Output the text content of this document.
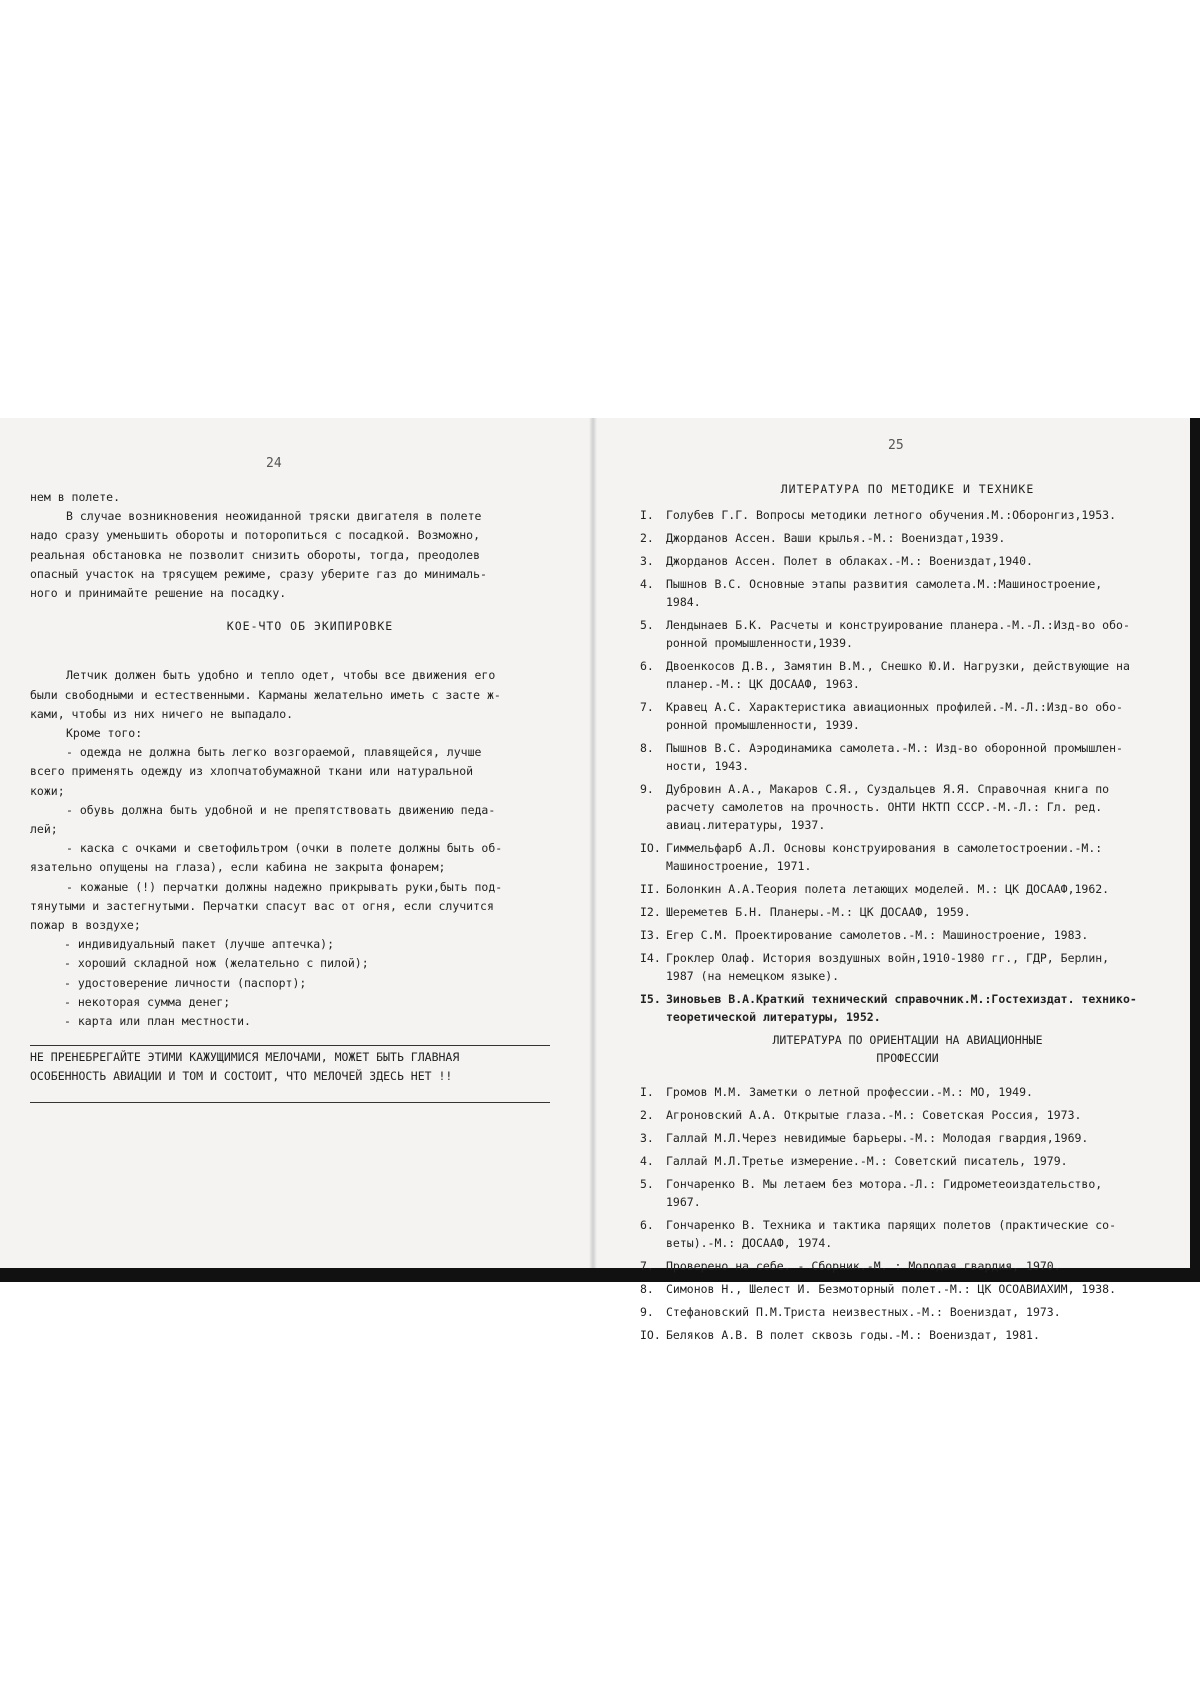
24
25
нем в полете.
В случае возникновения неожиданной тряски двигателя в полете
надо сразу уменьшить обороты и поторопиться с посадкой. Возможно,
реальная обстановка не позволит снизить обороты, тогда, преодолев
опасный участок на трясущем режиме, сразу уберите газ до минималь-
ного и принимайте решение на посадку.
КОЕ-ЧТО ОБ ЭКИПИРОВКЕ
Летчик должен быть удобно и тепло одет, чтобы все движения его
были свободными и естественными. Карманы желательно иметь с засте ж-
ками, чтобы из них ничего не выпадало.
Кроме того:
- одежда не должна быть легко возгораемой, плавящейся, лучше
всего применять одежду из хлопчатобумажной ткани или натуральной
кожи;
- обувь должна быть удобной и не препятствовать движению педа-
лей;
- каска с очками и светофильтром (очки в полете должны быть об-
язательно опущены на глаза), если кабина не закрыта фонарем;
- кожаные (!) перчатки должны надежно прикрывать руки,быть под-
тянутыми и застегнутыми. Перчатки спасут вас от огня, если случится
пожар в воздухе;
- индивидуальный пакет (лучше аптечка);
- хороший складной нож (желательно с пилой);
- удостоверение личности (паспорт);
- некоторая сумма денег;
- карта или план местности.
НЕ ПРЕНЕБРЕГАЙТЕ ЭТИМИ КАЖУЩИМИСЯ МЕЛОЧАМИ, МОЖЕТ БЫТЬ ГЛАВНАЯ
ОСОБЕННОСТЬ АВИАЦИИ И ТОМ И СОСТОИТ, ЧТО МЕЛОЧЕЙ ЗДЕСЬ НЕТ !!
ЛИТЕРАТУРА ПО МЕТОДИКЕ И ТЕХНИКЕ
I.	Голубев Г.Г. Вопросы методики летного обучения.М.:Оборонгиз,1953.
2.	Джорданов Ассен. Ваши крылья.-М.: Воениздат,1939.
3.	Джорданов Ассен. Полет в облаках.-М.: Воениздат,1940.
4.	Пышнов В.С. Основные этапы развития самолета.М.:Машиностроение,
1984.
5.	Лендынаев Б.К. Расчеты и конструирование планера.-М.-Л.:Изд-во обо-
ронной промышленности,1939.
6.	Двоенкосов Д.В., Замятин В.М., Снешко Ю.И. Нагрузки, действующие на
планер.-М.: ЦК ДОСААФ, 1963.
7.	Кравец А.С. Характеристика авиационных профилей.-М.-Л.:Изд-во обо-
ронной промышленности, 1939.
8.	Пышнов В.С. Аэродинамика самолета.-М.: Изд-во оборонной промышлен-
ности, 1943.
9.	Дубровин А.А., Макаров С.Я., Суздальцев Я.Я. Справочная книга по
расчету самолетов на прочность. ОНТИ НКТП СССР.-М.-Л.: Гл. ред.
авиац.литературы, 1937.
IO. Гиммельфарб А.Л. Основы конструирования в самолетостроении.-М.:
Машиностроение, 1971.
II. Болонкин А.А.Теория полета летающих моделей. М.: ЦК ДОСААФ,1962.
I2. Шереметев Б.Н. Планеры.-М.: ЦК ДОСААФ, 1959.
I3. Егер С.М. Проектирование самолетов.-М.: Машиностроение, 1983.
I4. Гроклер Олаф. История воздушных войн,1910-1980 гг., ГДР, Берлин,
1987 (на немецком языке).
I5. Зиновьев В.А.Краткий технический справочник.М.:Гостехиздат. технико-
теоретической литературы, 1952.
ЛИТЕРАТУРА ПО ОРИЕНТАЦИИ НА АВИАЦИОННЫЕ
ПРОФЕССИИ
I.	Громов М.М. Заметки о летной профессии.-М.: МО, 1949.
2.	Агроновский А.А. Открытые глаза.-М.: Советская Россия, 1973.
3.	Галлай М.Л.Через невидимые барьеры.-М.: Молодая гвардия,1969.
4.	Галлай М.Л.Третье измерение.-М.: Советский писатель, 1979.
5.	Гончаренко В. Мы летаем без мотора.-Л.: Гидрометеоиздательство,
1967.
6.	Гончаренко В. Техника и тактика парящих полетов (практические со-
веты).-М.: ДОСААФ, 1974.
7.	Проверено на себе. - Сборник.-М. : Молодая гвардия, 1970.
8.	Симонов Н., Шелест И. Безмоторный полет.-М.: ЦК ОСОАВИАХИМ, 1938.
9.	Стефановский П.М.Триста неизвестных.-М.: Воениздат, 1973.
IO. Беляков А.В. В полет сквозь годы.-М.: Воениздат, 1981.
